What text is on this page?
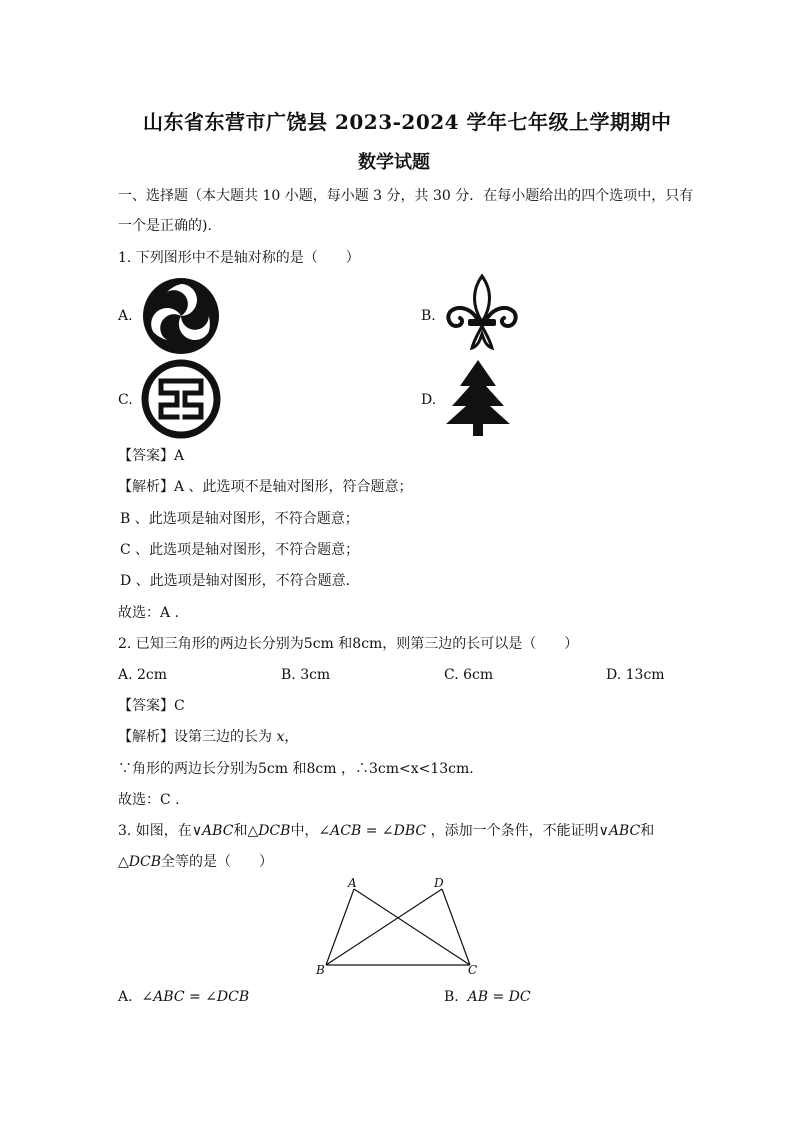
山东省东营市广饶县 2023-2024 学年七年级上学期期中
数学试题
一、选择题（本大题共 10 小题，每小题 3 分，共 30 分．在每小题给出的四个选项中，只有
一个是正确的).
1. 下列图形中不是轴对称的是（　　）
A.	B.
C.	D.
【答案】A
【解析】A 、此选项不是轴对图形，符合题意；
B 、此选项是轴对图形，不符合题意；
C 、此选项是轴对图形，不符合题意；
D 、此选项是轴对图形，不符合题意.
故选：A .
2. 已知三角形的两边长分别为5cm 和8cm，则第三边的长可以是（　　）
A. 2cm	B. 3cm	C. 6cm	D. 13cm
【答案】C
【解析】设第三边的长为 x，
∵角形的两边长分别为5cm 和8cm ，∴3cm<x<13cm.
故选：C .
3. 如图，在∨ABC和△DCB中，∠ACB = ∠DBC ，添加一个条件，不能证明∨ABC和
△DCB全等的是（　　）
A	D
B	C
A. ∠ABC = ∠DCB	B. AB = DC
